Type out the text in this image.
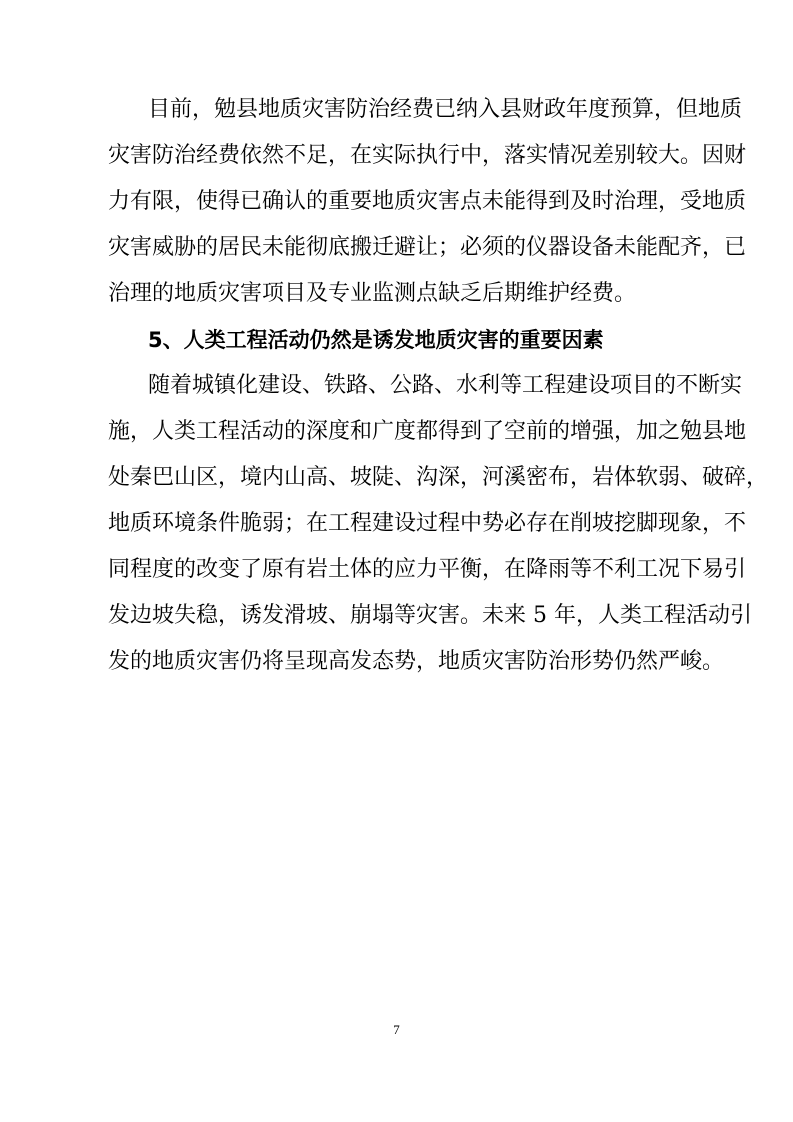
目前，勉县地质灾害防治经费已纳入县财政年度预算，但地质
灾害防治经费依然不足，在实际执行中，落实情况差别较大。因财
力有限，使得已确认的重要地质灾害点未能得到及时治理，受地质
灾害威胁的居民未能彻底搬迁避让；必须的仪器设备未能配齐，已
治理的地质灾害项目及专业监测点缺乏后期维护经费。
5、人类工程活动仍然是诱发地质灾害的重要因素
随着城镇化建设、铁路、公路、水利等工程建设项目的不断实
施，人类工程活动的深度和广度都得到了空前的增强，加之勉县地
处秦巴山区，境内山高、坡陡、沟深，河溪密布，岩体软弱、破碎，
地质环境条件脆弱；在工程建设过程中势必存在削坡挖脚现象，不
同程度的改变了原有岩土体的应力平衡，在降雨等不利工况下易引
发边坡失稳，诱发滑坡、崩塌等灾害。未来 5 年，人类工程活动引
发的地质灾害仍将呈现高发态势，地质灾害防治形势仍然严峻。
7
